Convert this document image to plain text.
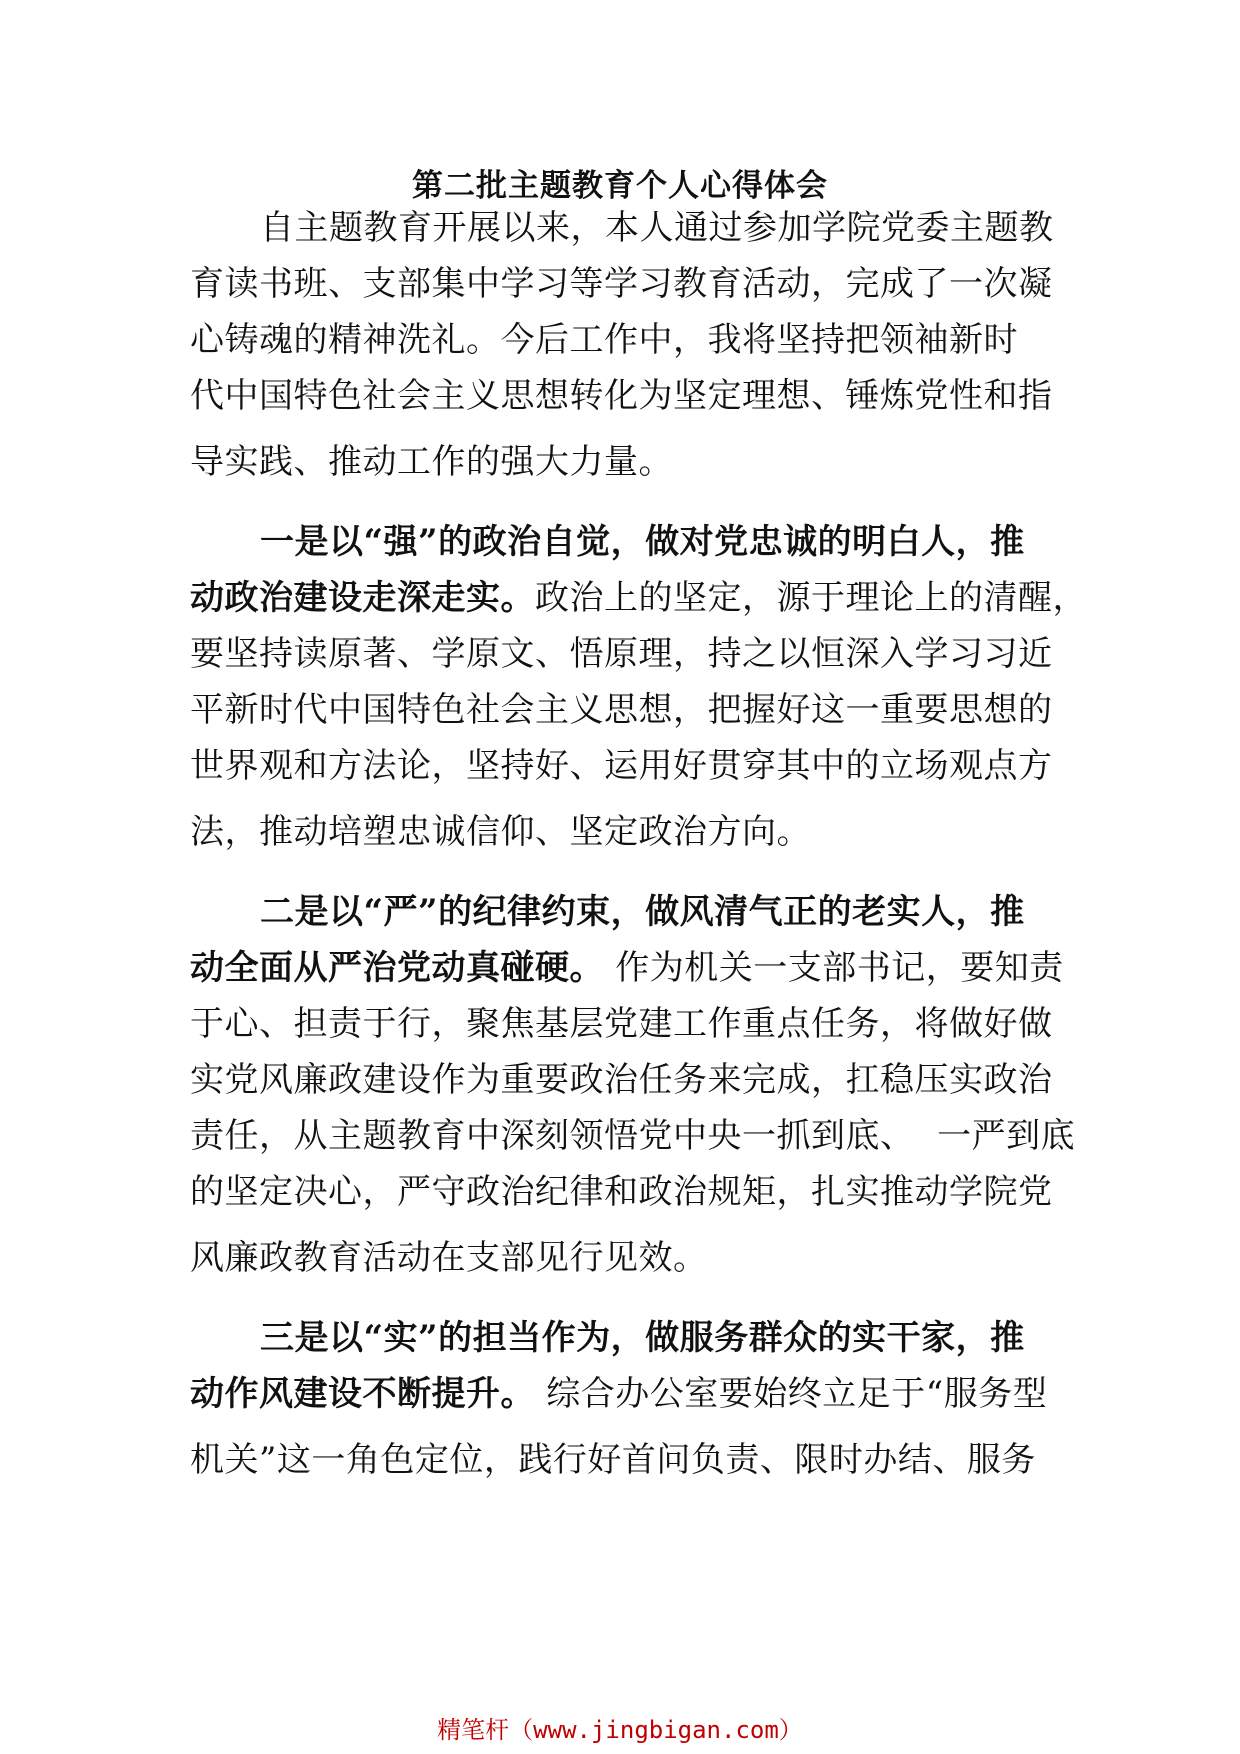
第二批主题教育个人心得体会
自主题教育开展以来，本人通过参加学院党委主题教
育读书班、支部集中学习等学习教育活动，完成了一次凝
心铸魂的精神洗礼。今后工作中，我将坚持把领袖新时
代中国特色社会主义思想转化为坚定理想、锤炼党性和指
导实践、推动工作的强大力量。
一是以“强”的政治自觉，做对党忠诚的明白人，推
动政治建设走深走实。政治上的坚定，源于理论上的清醒，
要坚持读原著、学原文、悟原理，持之以恒深入学习习近
平新时代中国特色社会主义思想，把握好这一重要思想的
世界观和方法论，坚持好、运用好贯穿其中的立场观点方
法，推动培塑忠诚信仰、坚定政治方向。
二是以“严”的纪律约束，做风清气正的老实人，推
动全面从严治党动真碰硬。 作为机关一支部书记，要知责
于心、担责于行，聚焦基层党建工作重点任务，将做好做
实党风廉政建设作为重要政治任务来完成，扛稳压实政治
责任，从主题教育中深刻领悟党中央一抓到底、  一严到底
的坚定决心，严守政治纪律和政治规矩，扎实推动学院党
风廉政教育活动在支部见行见效。
三是以“实”的担当作为，做服务群众的实干家，推
动作风建设不断提升。 综合办公室要始终立足于“服务型
机关”这一角色定位，践行好首问负责、限时办结、服务
精笔杆（www.jingbigan.com）
